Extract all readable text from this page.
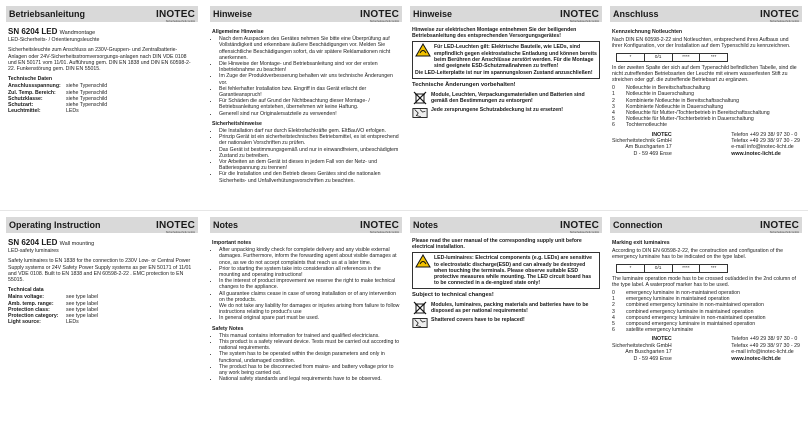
Betriebsanleitung	INOTEC
Sicherheitstechnik GmbH
SN 6204 LED Wandmontage
LED-Sicherheits- / Orientierungsleuchte
Sicherheitsleuchte zum Anschluss an 230V-Gruppen- und Zentralbatterie-Anlagen oder 24V-Sicherheitsstromversorgungs-anlagen nach DIN VDE 0108 und EN 50171 vom 11/01. Aufführung gem. DIN EN 1838 und DIN EN 60598-2-22. Funkenstörung gem. DIN EN 55015.
Technische Daten
Anschlussspannung:	siehe Typenschild
Zul. Temp. Bereich:	siehe Typenschild
Schutzklasse:	siehe Typenschild
Schutzart:	siehe Typenschild
Leuchtmittel:	LEDs
Hinweise	INOTEC
Sicherheitstechnik GmbH
Allgemeine Hinweise
• Nach dem Auspacken des Gerätes nehmen Sie bitte eine Überprüfung auf Vollständigkeit und erkennbare äußere Beschädigungen vor. Melden Sie offensichtliche Beschädigungen sofort, da wir spätere Reklamationen nicht anerkennen.
• Die Hinweise der Montage- und Betriebsanleitung sind vor der ersten Inbetriebnahme zu beachten!
• Im Zuge der Produktverbesserung behalten wir uns technische Änderungen vor.
• Bei fehlerhafter Installation bzw. Eingriff in das Gerät erlischt der Garantieanspruch!
• Für Schäden die auf Grund der Nichtbeachtung dieser Montage- / Betriebsanleitung entstehen, übernehmen wir keine Haftung.
• Generell sind nur Originalersatzteile zu verwenden!
Sicherheitshinweise
• Die Installation darf nur durch Elektrofachkräfte gem. EltBauVO erfolgen.
• Prinzip Gerät ist ein sicherheitstechnisches Betriebsmittel, es ist entsprechend der nationalen Vorschriften zu prüfen.
• Das Gerät ist bestimmungsgemäß und nur in einwandfreiem, unbeschädigtem Zustand zu betreiben.
• Vor Arbeiten an dem Gerät ist dieses in jedem Fall von der Netz- und Batteriespannung zu trennen!
• Für die Installation und den Betrieb dieses Gerätes sind die nationalen Sicherheits- und Unfallverhütungsvorschriften zu beachten.
Hinweise	INOTEC
Sicherheitstechnik GmbH
Hinweise zur elektrischen Montage entnehmen Sie der beiligenden Betriebsanleitung des entsprechenden Versorgungsgerätes!
Für LED-Leuchten gilt: Elektrische Bauteile, wie LEDs, sind empfindlich gegen elektrostatische Entladung und können bereits beim Berühren der Anschlüsse zerstört werden. Für die Montage sind geeignete ESD-Schutzmaßnahmen zu treffen!
Die LED-Leiterplatte ist nur im spannungslosen Zustand anzuschließen!
Technische Änderungen vorbehalten!
Module, Leuchten, Verpackungsmaterialien und Batterien sind gemäß den Bestimmungen zu entsorgen!
Jede zersprungene Schutzabdeckung ist zu ersetzen!
Anschluss	INOTEC
Sicherheitstechnik GmbH
Kennzeichnung Notleuchten
Nach DIN EN 60598-2-22 sind Notleuchten, entsprechend ihres Aufbaus und ihrer Konfiguration, vor der Installation auf dem Typenschild zu kennzeichnen.
*	0/1	****	***
In der zweiten Spalte der sich auf dem Typenschild befindlichen Tabelle, sind die nicht zutreffenden Betriebsarten der Leuchte mit einem wasserfesten Stift zu streichen oder ggf. die zutreffende Betriebsart zu ergänzen.
0	Notleuchte in Bereitschaftsschaltung
1	Notleuchte in Dauerschaltung
2	Kombinierte Notleuchte in Bereitschaftsschaltung
3	Kombinierte Notleuchte in Dauerschaltung
4	Notleuchte für Mutter-/Tochterbetrieb in Bereitschaftsschaltung
5	Notleuchte für Mutter-/Tochterbetrieb in Dauerschaltung
6	Tochternotleuchte
INOTEC
Sicherheitstechnik GmbH
Am Buschgarten 17
D - 59 469 Ense
Telefon +49 29 38/ 97 30 - 0
Telefax +49 29 38/ 97 30 - 29
e-mail info@inotec-licht.de
www.inotec-licht.de
Operating Instruction	INOTEC
Sicherheitstechnik GmbH
SN 6204 LED Wall mounting
LED-safety luminaires
Safety luminaires to EN 1838 for the connection to 230V Low- or Central Power Supply systems or 24V Safety Power Supply systems as per EN 50171 of 11/01 and VDE 0108. Built to EN 1838 and EN 60598-2-22 . EMC protection to EN 55015.
Technical data
Mains voltage:	see type label
Amb. temp. range:	see type label
Protection class:	see type label
Protection category:	see type label
Light source:	LEDs
Notes	INOTEC
Sicherheitstechnik GmbH
Important notes
• After unpacking kindly check for complete delivery and any visible external damages. Furthermore, inform the forwarding agent about visible damages at once, as we do not accept complaints that reach us at a later time.
• Prior to starting the system take into consideration all references in the mounting and operating instructions!
• In the interest of product improvement we reserve the right to make technical changes to the appliance.
• All guarantee claims cease in case of wrong installation or of any intervention on the products.
• We do not take any liability for damages or injuries arising from failure to follow instructions relating to product's use
• In general original spare part must be used.
Safety Notes
• This manual contains information for trained and qualified electricians.
• This product is a safety relevant device. Tests must be carried out according to national requirements.
• The system has to be operated within the design parameters and only in functional, undamaged condition.
• The product has to be disconnected from mains- and battery voltage prior to any work being carried out.
• National safety standards and legal requirements have to be observed.
Notes	INOTEC
Sicherheitstechnik GmbH
Please read the user manual of the corresponding supply unit before electrical installation.
LED-luminaires: Electrical components (e.g. LEDs) are sensitive to electrostatic discharge(ESD) and can already be destroyed when touching the terminals. Please observe suitable ESD protective measures while mounting. The LED circuit board has to be connected in a de-engized state only!
Subject to technical changes!
Modules, luminaires, packing materials and batteries have to be disposed as per national requirements!
Shattered covers have to be replaced!
Connection	INOTEC
Sicherheitstechnik GmbH
Marking exit luminaires
According to DIN EN 60598-2-22, the construction and configuration of the emergency luminaire has to be indicated on the type label.
*	0/1	****	***
The luminaire operation mode has to be crossed out/added in the 2nd column of the type label. A waterproof marker has to be used.
0	emergency luminaire in non-maintained operation
1	emergency luminaire in maintained operation
2	combined emergency luminaire in non-maintained operation
3	combined emergency luminaire in maintained operation
4	compound emergency luminaire in non-maintained operation
5	compound emergency luminaire in maintained operation
6	satellite emergency luminaire
INOTEC
Sicherheitstechnik GmbH
Am Buschgarten 17
D - 59 469 Ense
Telefon +49 29 38/ 97 30 - 0
Telefax +49 29 38/ 97 30 - 29
e-mail info@inotec-licht.de
www.inotec-licht.de
